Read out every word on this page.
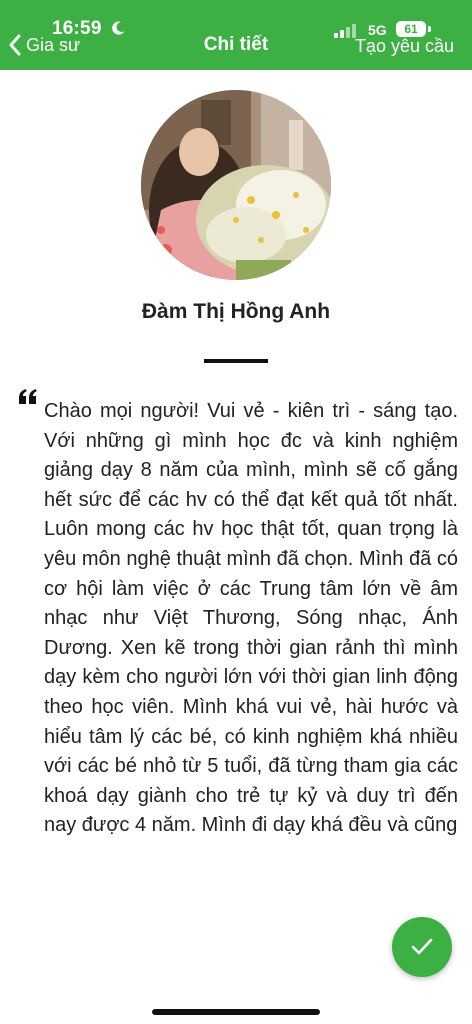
16:59
Gia sư	Chi tiết
5G	61
Tạo yêu cầu
Đàm Thị Hồng Anh
Chào mọi người! Vui vẻ - kiên trì - sáng tạo. Với những gì mình học đc và kinh nghiệm giảng dạy 8 năm của mình, mình sẽ cố gắng hết sức để các hv có thể đạt kết quả tốt nhất. Luôn mong các hv học thật tốt, quan trọng là yêu môn nghệ thuật mình đã chọn. Mình đã có cơ hội làm việc ở các Trung tâm lớn về âm nhạc như Việt Thương, Sóng nhạc, Ánh Dương. Xen kẽ trong thời gian rảnh thì mình dạy kèm cho người lớn với thời gian linh động theo học viên. Mình khá vui vẻ, hài hước và hiểu tâm lý các bé, có kinh nghiệm khá nhiều với các bé nhỏ từ 5 tuổi, đã từng tham gia các khoá dạy giành cho trẻ tự kỷ và duy trì đến nay được 4 năm. Mình đi dạy khá đều và cũng
